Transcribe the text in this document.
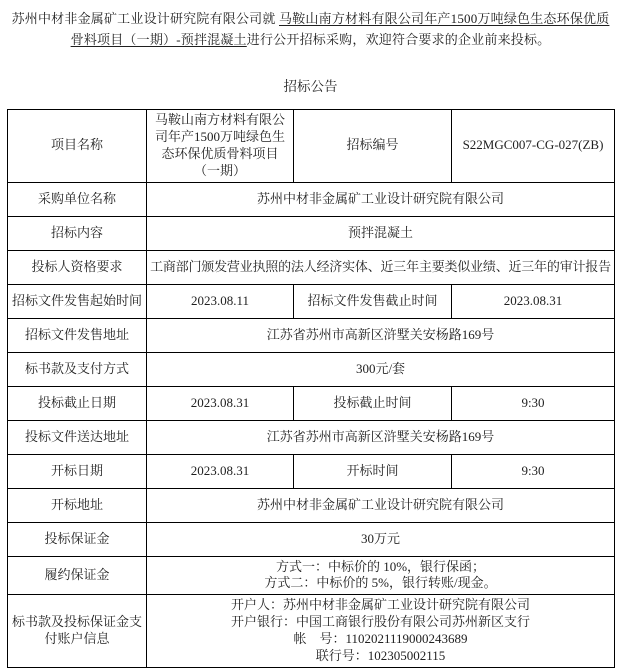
苏州中材非金属矿工业设计研究院有限公司就 马鞍山南方材料有限公司年产1500万吨绿色生态环保优质骨料项目（一期）-预拌混凝土进行公开招标采购，欢迎符合要求的企业前来投标。

招标公告
项目名称	马鞍山南方材料有限公司年产1500万吨绿色生态环保优质骨料项目（一期）	招标编号	S22MGC007-CG-027(ZB)
采购单位名称	苏州中材非金属矿工业设计研究院有限公司		
招标内容	预拌混凝土		
投标人资格要求	工商部门颁发营业执照的法人经济实体、近三年主要类似业绩、近三年的审计报告		
招标文件发售起始时间	2023.08.11	招标文件发售截止时间	2023.08.31
招标文件发售地址	江苏省苏州市高新区浒墅关安杨路169号		
标书款及支付方式	300元/套		
投标截止日期	2023.08.31	投标截止时间	9:30
投标文件送达地址	江苏省苏州市高新区浒墅关安杨路169号		
开标日期	2023.08.31	开标时间	9:30
开标地址	苏州中材非金属矿工业设计研究院有限公司		
投标保证金	30万元		
履约保证金	方式一：中标价的 10%，银行保函；
方式二：中标价的 5%，银行转账/现金。		

标书款及投标保证金支付账户信息	开户人：苏州中材非金属矿工业设计研究院有限公司
开户银行：中国工商银行股份有限公司苏州新区支行
帐　号：1102021119000243689
联行号：102305002115		
